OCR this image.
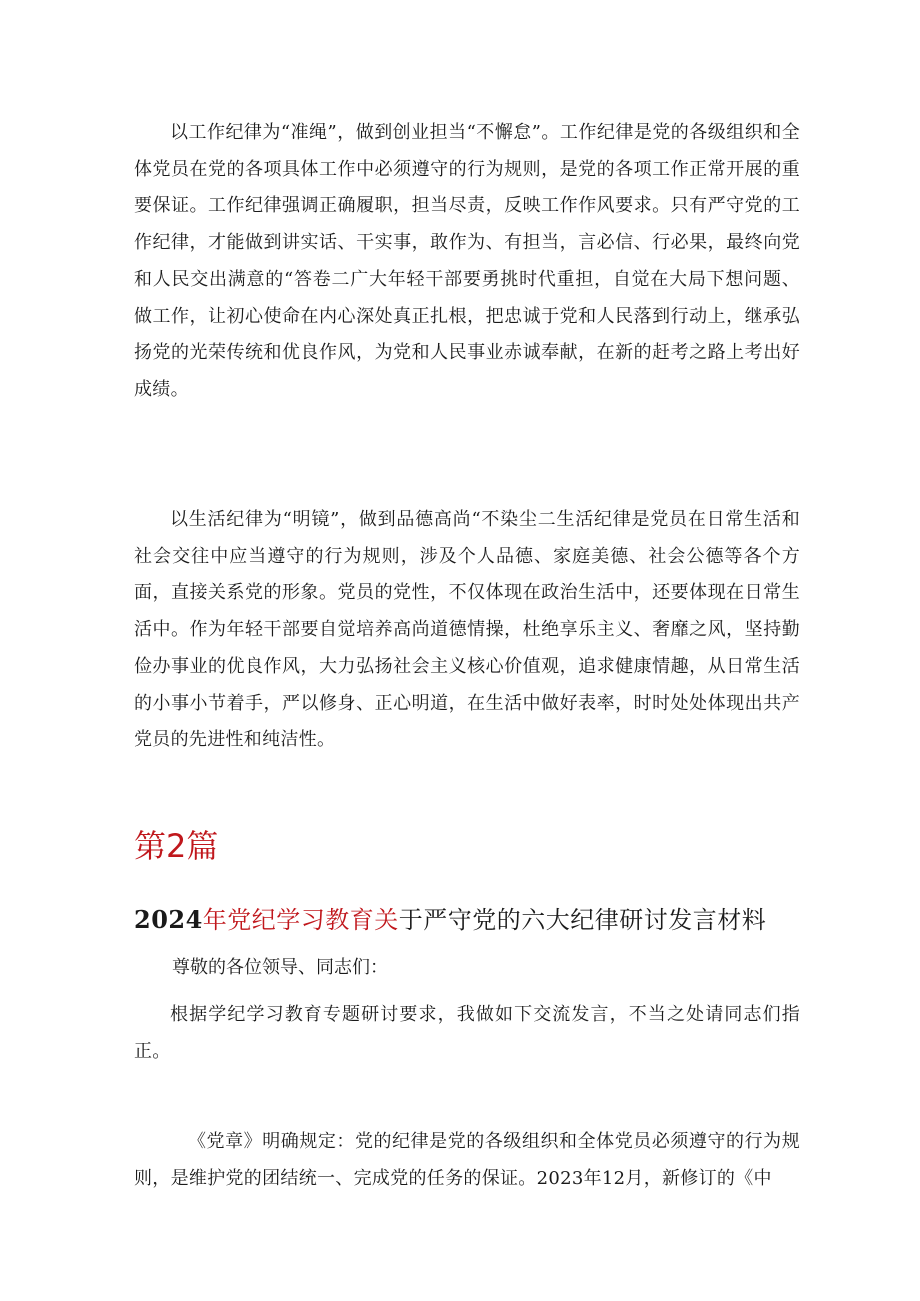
以工作纪律为“准绳”，做到创业担当“不懈怠”。工作纪律是党的各级组织和全体党员在党的各项具体工作中必须遵守的行为规则，是党的各项工作正常开展的重要保证。工作纪律强调正确履职，担当尽责，反映工作作风要求。只有严守党的工作纪律，才能做到讲实话、干实事，敢作为、有担当，言必信、行必果，最终向党和人民交出满意的“答卷二广大年轻干部要勇挑时代重担，自觉在大局下想问题、做工作，让初心使命在内心深处真正扎根，把忠诚于党和人民落到行动上，继承弘扬党的光荣传统和优良作风，为党和人民事业赤诚奉献，在新的赶考之路上考出好成绩。

以生活纪律为“明镜”，做到品德高尚“不染尘二生活纪律是党员在日常生活和社会交往中应当遵守的行为规则，涉及个人品德、家庭美德、社会公德等各个方面，直接关系党的形象。党员的党性，不仅体现在政治生活中，还要体现在日常生活中。作为年轻干部要自觉培养高尚道德情操，杜绝享乐主义、奢靡之风，坚持勤俭办事业的优良作风，大力弘扬社会主义核心价值观，追求健康情趣，从日常生活的小事小节着手，严以修身、正心明道，在生活中做好表率，时时处处体现出共产党员的先进性和纯洁性。

第2篇
2024年党纪学习教育关于严守党的六大纪律研讨发言材料

尊敬的各位领导、同志们：

根据学纪学习教育专题研讨要求，我做如下交流发言，不当之处请同志们指正。

《党章》明确规定：党的纪律是党的各级组织和全体党员必须遵守的行为规则，是维护党的团结统一、完成党的任务的保证。2023年12月，新修订的《中
